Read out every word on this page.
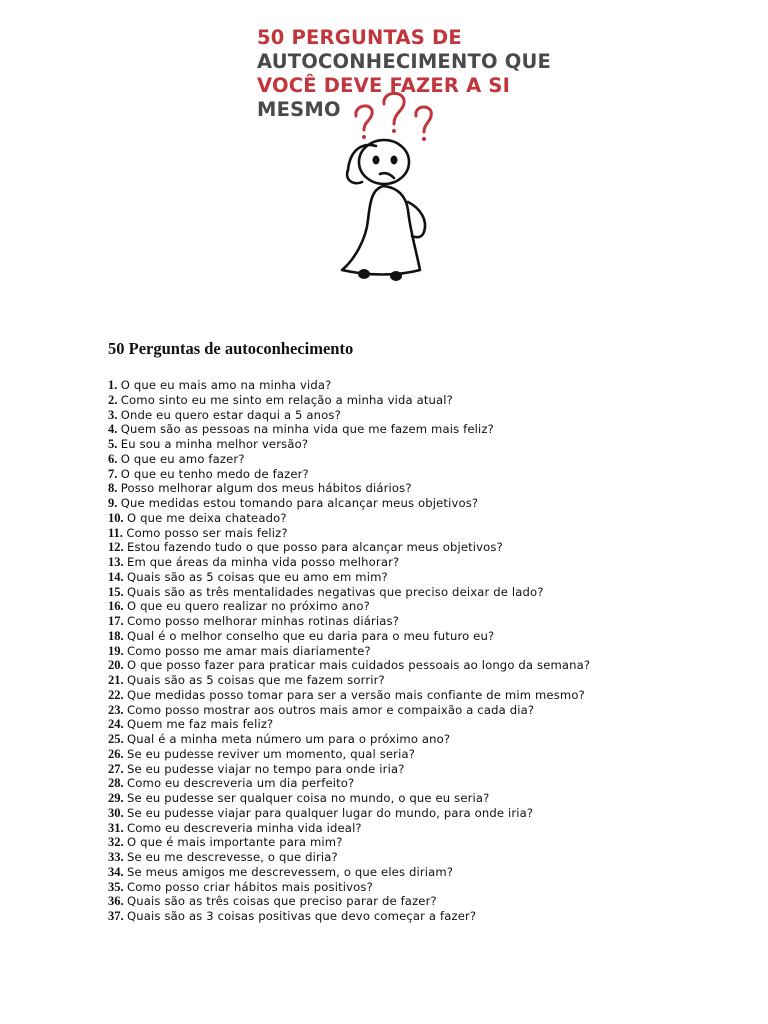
50 PERGUNTAS DE

AUTOCONHECIMENTO QUE

VOCÊ DEVE FAZER A SI

MESMO

50 Perguntas de autoconhecimento
1. O que eu mais amo na minha vida?
2. Como sinto eu me sinto em relação a minha vida atual?
3. Onde eu quero estar daqui a 5 anos?
4. Quem são as pessoas na minha vida que me fazem mais feliz?
5. Eu sou a minha melhor versão?
6. O que eu amo fazer?
7. O que eu tenho medo de fazer?
8. Posso melhorar algum dos meus hábitos diários?
9. Que medidas estou tomando para alcançar meus objetivos?
10. O que me deixa chateado?
11. Como posso ser mais feliz?
12. Estou fazendo tudo o que posso para alcançar meus objetivos?
13. Em que áreas da minha vida posso melhorar?
14. Quais são as 5 coisas que eu amo em mim?
15. Quais são as três mentalidades negativas que preciso deixar de lado?
16. O que eu quero realizar no próximo ano?
17. Como posso melhorar minhas rotinas diárias?
18. Qual é o melhor conselho que eu daria para o meu futuro eu?
19. Como posso me amar mais diariamente?
20. O que posso fazer para praticar mais cuidados pessoais ao longo da semana?
21. Quais são as 5 coisas que me fazem sorrir?
22. Que medidas posso tomar para ser a versão mais confiante de mim mesmo?
23. Como posso mostrar aos outros mais amor e compaixão a cada dia?
24. Quem me faz mais feliz?
25. Qual é a minha meta número um para o próximo ano?
26. Se eu pudesse reviver um momento, qual seria?
27. Se eu pudesse viajar no tempo para onde iria?
28. Como eu descreveria um dia perfeito?
29. Se eu pudesse ser qualquer coisa no mundo, o que eu seria?
30. Se eu pudesse viajar para qualquer lugar do mundo, para onde iria?
31. Como eu descreveria minha vida ideal?
32. O que é mais importante para mim?
33. Se eu me descrevesse, o que diria?
34. Se meus amigos me descrevessem, o que eles diriam?
35. Como posso criar hábitos mais positivos?
36. Quais são as três coisas que preciso parar de fazer?
37. Quais são as 3 coisas positivas que devo começar a fazer?
